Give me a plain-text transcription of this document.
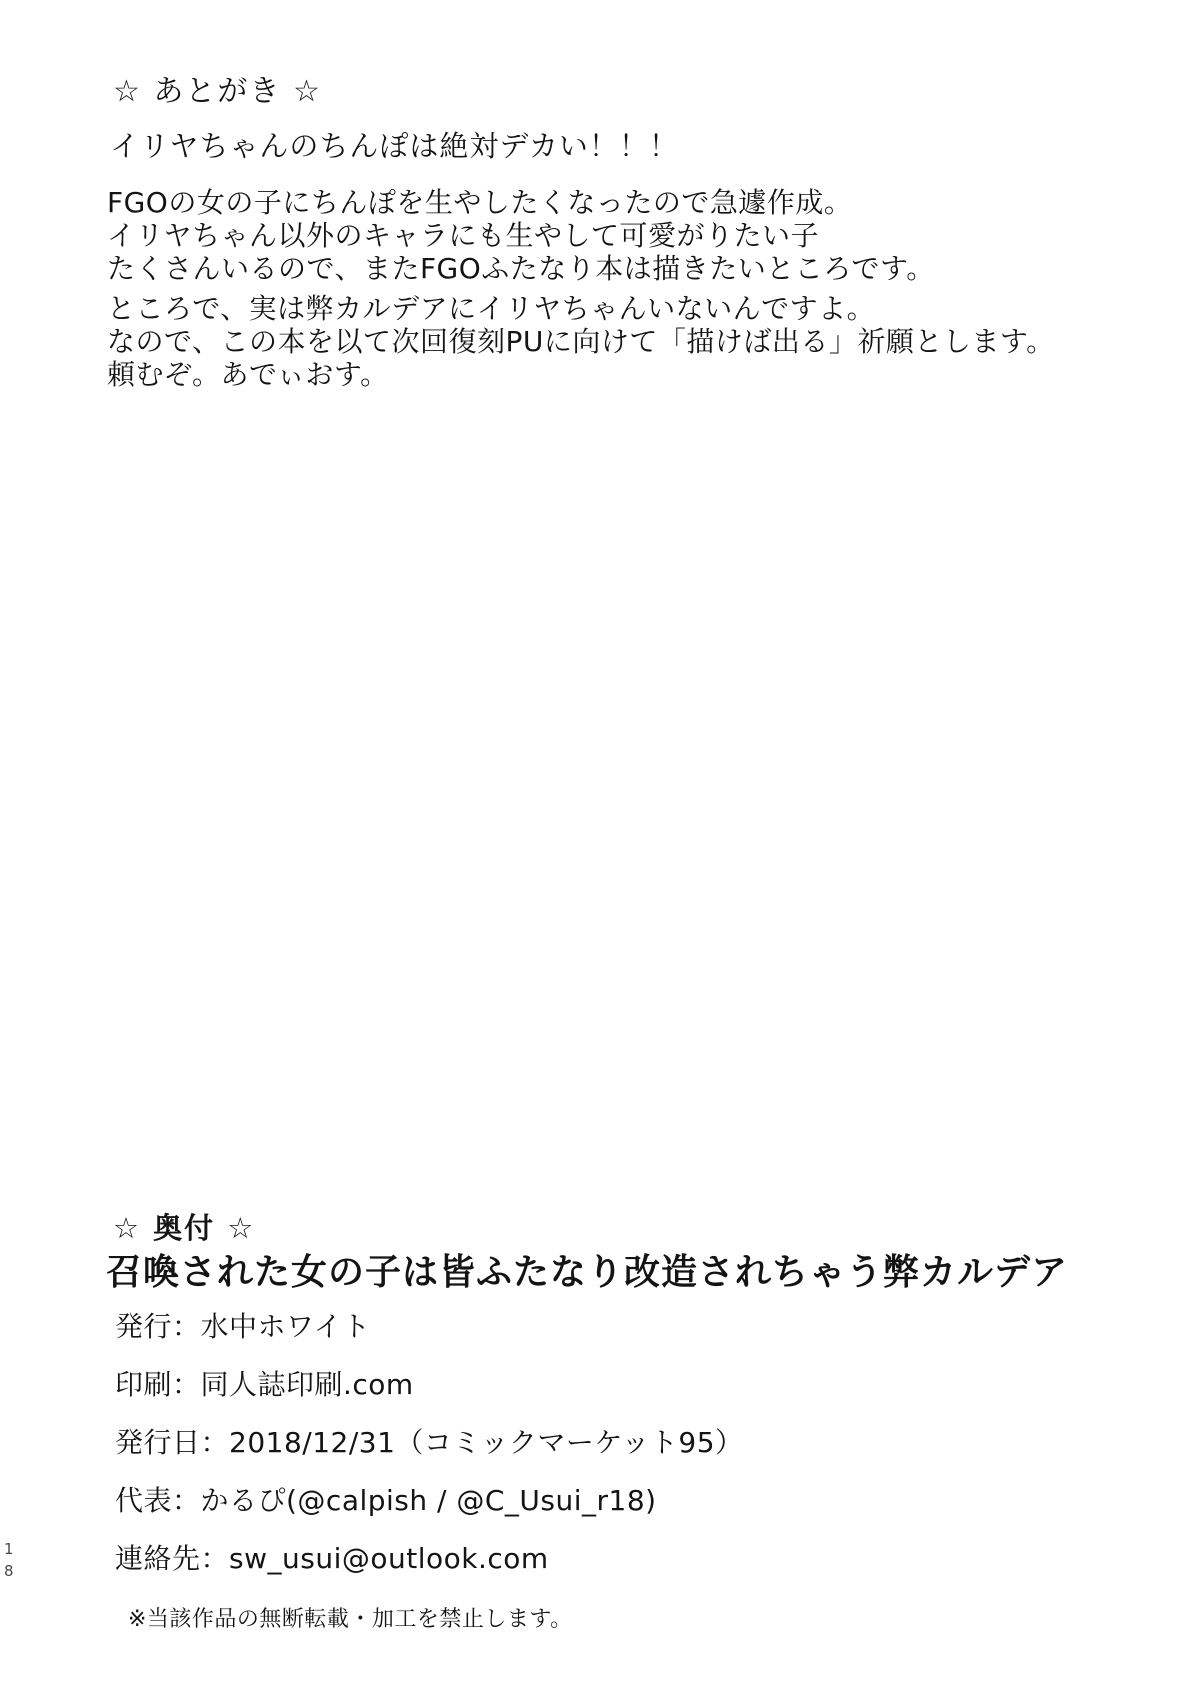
☆ あとがき ☆

イリヤちゃんのちんぽは絶対デカい！！！

FGOの女の子にちんぽを生やしたくなったので急遽作成。
イリヤちゃん以外のキャラにも生やして可愛がりたい子
たくさんいるので、またFGOふたなり本は描きたいところです。

ところで、実は弊カルデアにイリヤちゃんいないんですよ。
なので、この本を以て次回復刻PUに向けて「描けば出る」祈願とします。
頼むぞ。あでぃおす。

☆ 奥付 ☆
召喚された女の子は皆ふたなり改造されちゃう弊カルデア
発行：水中ホワイト
印刷：同人誌印刷.com
発行日：2018/12/31（コミックマーケット95）
代表：かるぴ(@calpish / @C_Usui_r18)
連絡先：sw_usui@outlook.com

※当該作品の無断転載・加工を禁止します。

18
